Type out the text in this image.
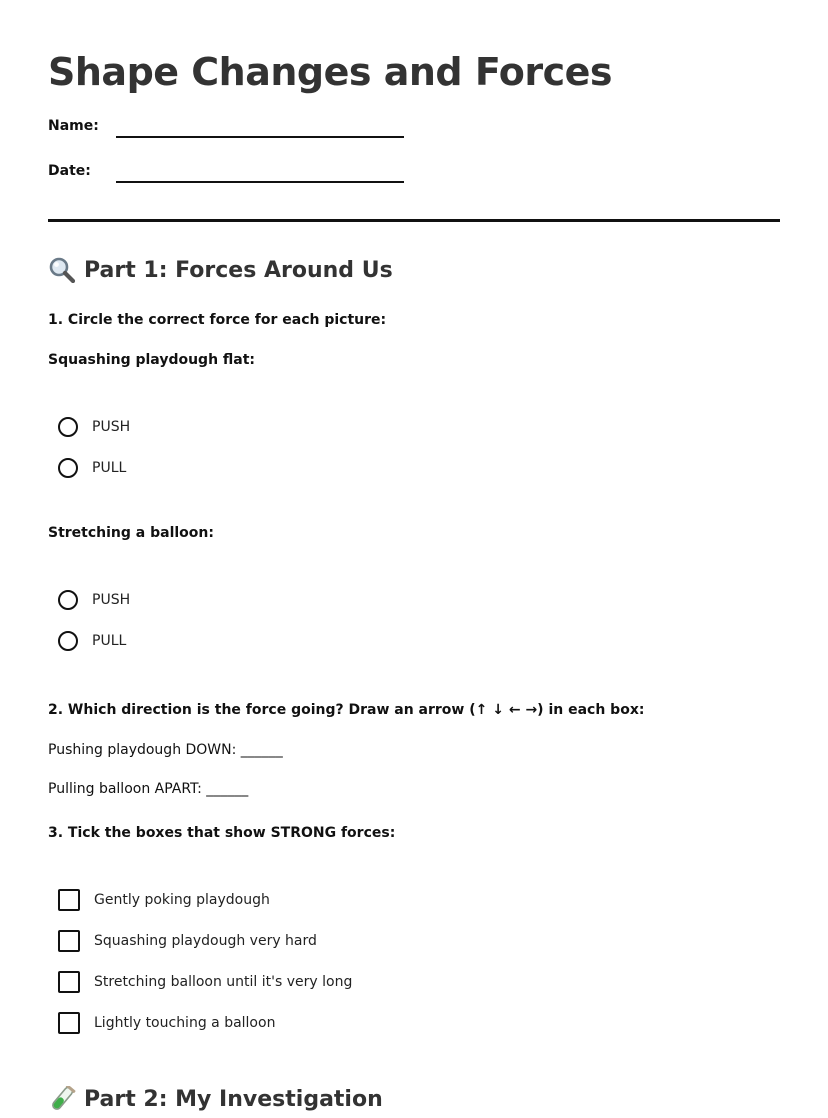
Shape Changes and Forces
Name:
Date:
Part 1: Forces Around Us
1. Circle the correct force for each picture:
Squashing playdough flat:
PUSH
PULL
Stretching a balloon:
PUSH
PULL
2. Which direction is the force going? Draw an arrow (↑ ↓ ← →) in each box:
Pushing playdough DOWN: ______
Pulling balloon APART: ______
3. Tick the boxes that show STRONG forces:
Gently poking playdough
Squashing playdough very hard
Stretching balloon until it's very long
Lightly touching a balloon
Part 2: My Investigation
